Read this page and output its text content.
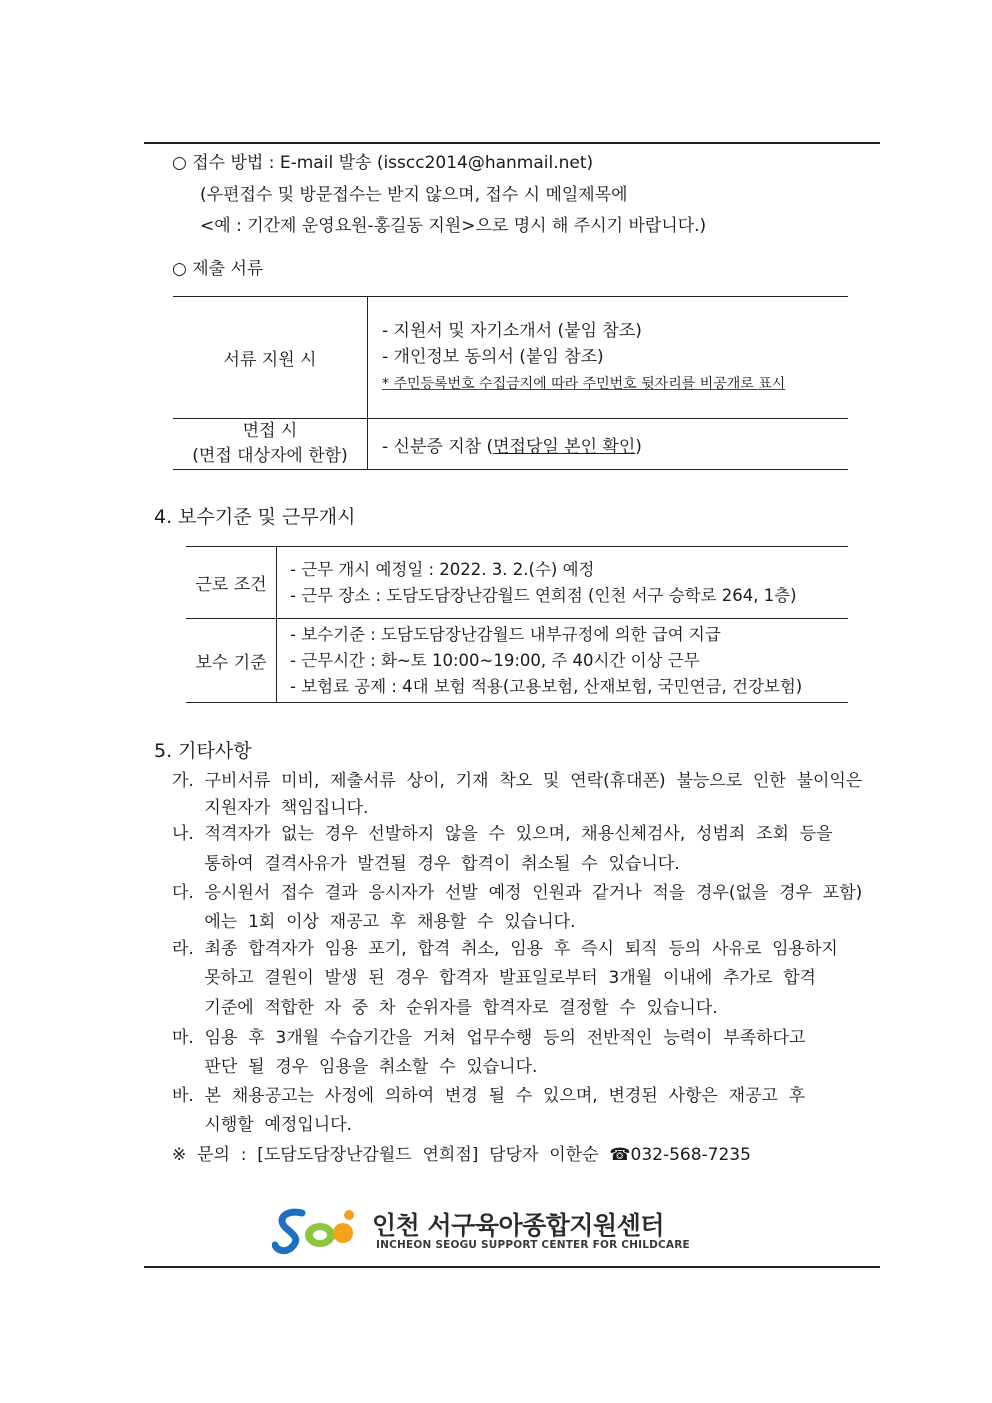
○ 접수 방법 : E-mail 발송 (isscc2014@hanmail.net)
(우편접수 및 방문접수는 받지 않으며, 접수 시 메일제목에
<예 : 기간제 운영요원-홍길동 지원>으로 명시 해 주시기 바랍니다.)
○ 제출 서류
서류 지원 시	- 지원서 및 자기소개서 (붙임 참조)
- 개인정보 동의서 (붙임 참조)
* 주민등록번호 수집금지에 따라 주민번호 뒷자리를 비공개로 표시

면접 시
(면접 대상자에 한함)	- 신분증 지참 (면접당일 본인 확인)
4. 보수기준 및 근무개시
근로 조건	- 근무 개시 예정일 : 2022. 3. 2.(수) 예정
- 근무 장소 : 도담도담장난감월드 연희점 (인천 서구 승학로 264, 1층)

보수 기준	- 보수기준 : 도담도담장난감월드 내부규정에 의한 급여 지급
- 근무시간 : 화~토 10:00~19:00, 주 40시간 이상 근무
- 보험료 공제 : 4대 보험 적용(고용보험, 산재보험, 국민연금, 건강보험)
5. 기타사항
가.  구비서류  미비,  제출서류  상이,  기재  착오  및  연락(휴대폰)  불능으로  인한  불이익은
지원자가  책임집니다.
나.  적격자가  없는  경우  선발하지  않을  수  있으며,  채용신체검사,  성범죄  조회  등을
통하여  결격사유가  발견될  경우  합격이  취소될  수  있습니다.
다.  응시원서  접수  결과  응시자가  선발  예정  인원과  같거나  적을  경우(없을  경우  포함)
에는  1회  이상  재공고  후  채용할  수  있습니다.
라.  최종  합격자가  임용  포기,  합격  취소,  임용  후  즉시  퇴직  등의  사유로  임용하지
못하고  결원이  발생  된  경우  합격자  발표일로부터  3개월  이내에  추가로  합격
기준에  적합한  자  중  차  순위자를  합격자로  결정할  수  있습니다.
마.  임용  후  3개월  수습기간을  거쳐  업무수행  등의  전반적인  능력이  부족하다고
판단  될  경우  임용을  취소할  수  있습니다.
바.  본  채용공고는  사정에  의하여  변경  될  수  있으며,  변경된  사항은  재공고  후
시행할  예정입니다.
※  문의  :  [도담도담장난감월드  연희점]  담당자  이한순  ☎032-568-7235
인천 서구육아종합지원센터
INCHEON SEOGU SUPPORT CENTER FOR CHILDCARE
